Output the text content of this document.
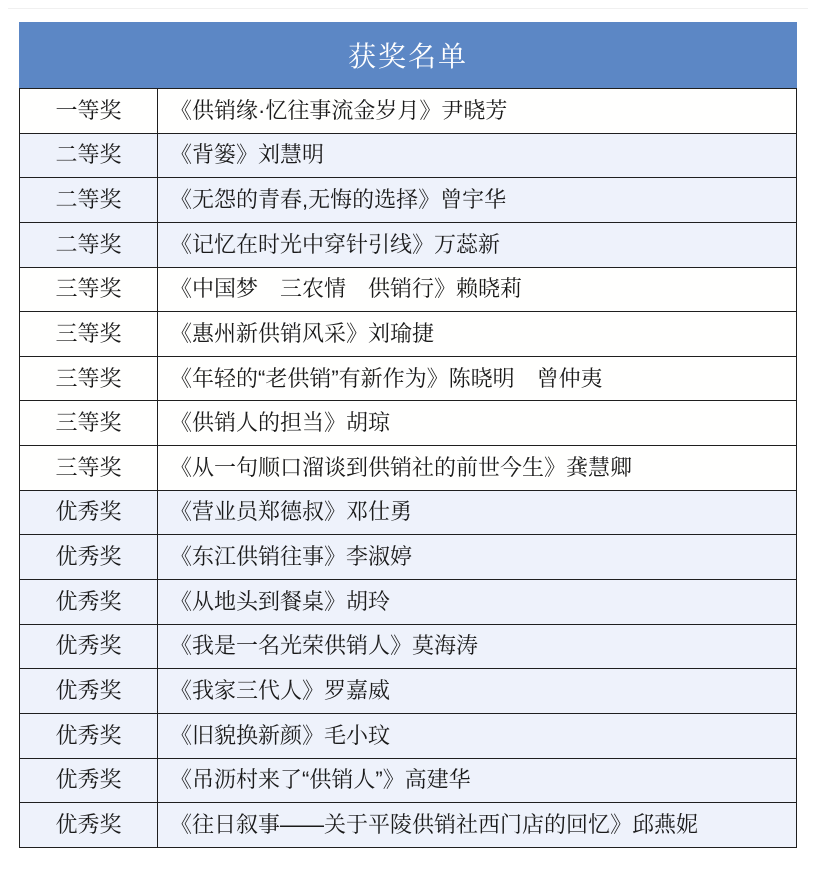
获奖名单
一等奖	《供销缘·忆往事流金岁月》尹晓芳
二等奖	《背篓》刘慧明
二等奖	《无怨的青春,无悔的选择》曾宇华
二等奖	《记忆在时光中穿针引线》万蕊新
三等奖	《中国梦　三农情　供销行》赖晓莉
三等奖	《惠州新供销风采》刘瑜捷
三等奖	《年轻的“老供销”有新作为》陈晓明　曾仲夷
三等奖	《供销人的担当》胡琼
三等奖	《从一句顺口溜谈到供销社的前世今生》龚慧卿
优秀奖	《营业员郑德叔》邓仕勇
优秀奖	《东江供销往事》李淑婷
优秀奖	《从地头到餐桌》胡玲
优秀奖	《我是一名光荣供销人》莫海涛
优秀奖	《我家三代人》罗嘉威
优秀奖	《旧貌换新颜》毛小玟
优秀奖	《吊沥村来了“供销人”》高建华
优秀奖	《往日叙事——关于平陵供销社西门店的回忆》邱燕妮
